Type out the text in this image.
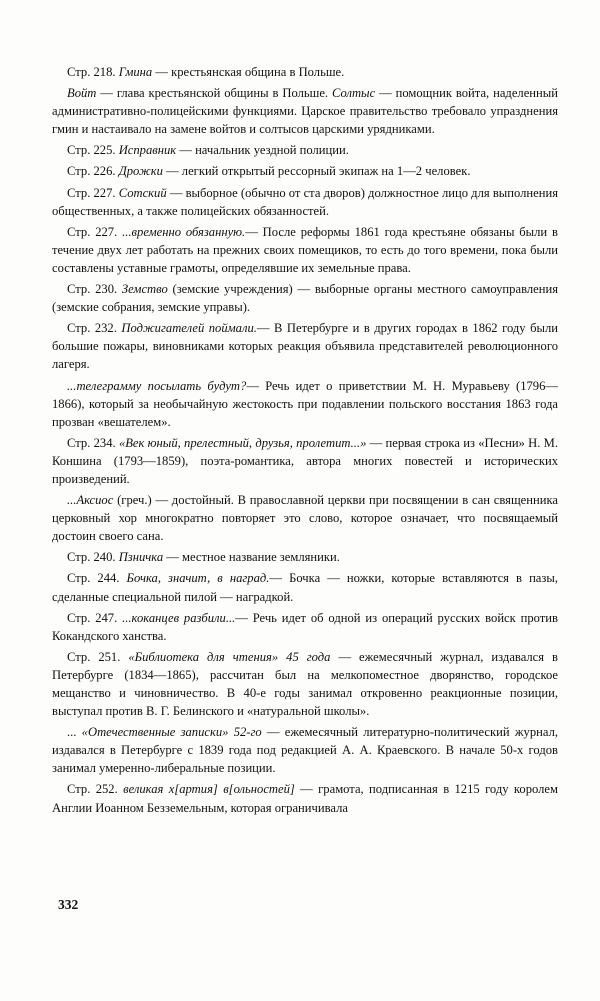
Стр. 218. Гмина — крестьянская община в Польше.

Войт — глава крестьянской общины в Польше. Солтыс — помощник войта, наделенный административно-полицейскими функциями. Царское правительство требовало упразднения гмин и настаивало на замене войтов и солтысов царскими урядниками.

Стр. 225. Исправник — начальник уездной полиции.

Стр. 226. Дрожки — легкий открытый рессорный экипаж на 1—2 человек.

Стр. 227. Сотский — выборное (обычно от ста дворов) должностное лицо для выполнения общественных, а также полицейских обязанностей.

Стр. 227. ...временно обязанную.— После реформы 1861 года крестьяне обязаны были в течение двух лет работать на прежних своих помещиков, то есть до того времени, пока были составлены уставные грамоты, определявшие их земельные права.

Стр. 230. Земство (земские учреждения) — выборные органы местного самоуправления (земские собрания, земские управы).

Стр. 232. Поджигателей поймали.— В Петербурге и в других городах в 1862 году были большие пожары, виновниками которых реакция объявила представителей революционного лагеря.

...телеграмму посылать будут?— Речь идет о приветствии М. Н. Муравьеву (1796—1866), который за необычайную жестокость при подавлении польского восстания 1863 года прозван «вешателем».

Стр. 234. «Век юный, прелестный, друзья, пролетит...» — первая строка из «Песни» Н. М. Коншина (1793—1859), поэта-романтика, автора многих повестей и исторических произведений.

...Аксиос (греч.) — достойный. В православной церкви при посвящении в сан священника церковный хор многократно повторяет это слово, которое означает, что посвящаемый достоин своего сана.

Стр. 240. Пзничка — местное название земляники.

Стр. 244. Бочка, значит, в наград.— Бочка — ножки, которые вставляются в пазы, сделанные специальной пилой — наградкой.

Стр. 247. ...коканцев разбили...— Речь идет об одной из операций русских войск против Кокандского ханства.

Стр. 251. «Библиотека для чтения» 45 года — ежемесячный журнал, издавался в Петербурге (1834—1865), рассчитан был на мелкопоместное дворянство, городское мещанство и чиновничество. В 40-е годы занимал откровенно реакционные позиции, выступал против В. Г. Белинского и «натуральной школы».

... «Отечественные записки» 52-го — ежемесячный литературно-политический журнал, издавался в Петербурге с 1839 года под редакцией А. А. Краевского. В начале 50-х годов занимал умеренно-либеральные позиции.

Стр. 252. великая х[артия] в[ольностей] — грамота, подписанная в 1215 году королем Англии Иоанном Безземельным, которая ограничивала

332
